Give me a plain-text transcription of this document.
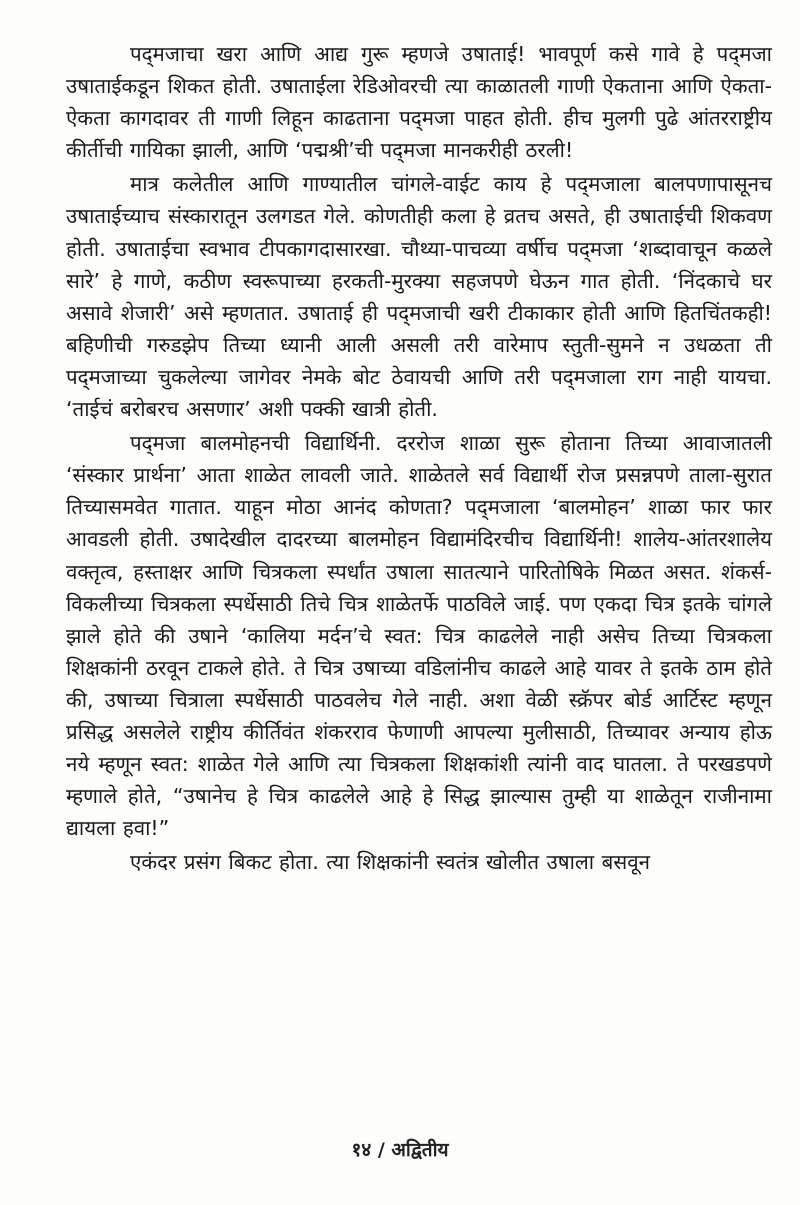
पद्‌मजाचा खरा आणि आद्य गुरू म्हणजे उषाताई! भावपूर्ण कसे गावे हे पद्‌मजा उषाताईकडून शिकत होती. उषाताईला रेडिओवरची त्या काळातली गाणी ऐकताना आणि ऐकता-ऐकता कागदावर ती गाणी लिहून काढताना पद्‌मजा पाहत होती. हीच मुलगी पुढे आंतरराष्ट्रीय कीर्तीची गायिका झाली, आणि ‘पद्मश्री’ची पद्‌मजा मानकरीही ठरली!

मात्र कलेतील आणि गाण्यातील चांगले-वाईट काय हे पद्‌मजाला बालपणापासूनच उषाताईच्याच संस्कारातून उलगडत गेले. कोणतीही कला हे व्रतच असते, ही उषाताईची शिकवण होती. उषाताईचा स्वभाव टीपकागदासारखा. चौथ्या-पाचव्या वर्षीच पद्‌मजा ‘शब्दावाचून कळले सारे’ हे गाणे, कठीण स्वरूपाच्या हरकती-मुरक्या सहजपणे घेऊन गात होती. ‘निंदकाचे घर असावे शेजारी’ असे म्हणतात. उषाताई ही पद्‌मजाची खरी टीकाकार होती आणि हितचिंतकही! बहिणीची गरुडझेप तिच्या ध्यानी आली असली तरी वारेमाप स्तुती-सुमने न उधळता ती पद्‌मजाच्या चुकलेल्या जागेवर नेमके बोट ठेवायची आणि तरी पद्‌मजाला राग नाही यायचा. ‘ताईचं बरोबरच असणार’ अशी पक्की खात्री होती.

पद्‌मजा बालमोहनची विद्यार्थिनी. दररोज शाळा सुरू होताना तिच्या आवाजातली ‘संस्कार प्रार्थना’ आता शाळेत लावली जाते. शाळेतले सर्व विद्यार्थी रोज प्रसन्नपणे ताला-सुरात तिच्यासमवेत गातात. याहून मोठा आनंद कोणता? पद्‌मजाला ‘बालमोहन’ शाळा फार फार आवडली होती. उषादेखील दादरच्या बालमोहन विद्यामंदिरचीच विद्यार्थिनी! शालेय-आंतरशालेय वक्तृत्व, हस्ताक्षर आणि चित्रकला स्पर्धांत उषाला सातत्याने पारितोषिके मिळत असत. शंकर्स-विकलीच्या चित्रकला स्पर्धेसाठी तिचे चित्र शाळेतर्फे पाठविले जाई. पण एकदा चित्र इतके चांगले झाले होते की उषाने ‘कालिया मर्दन’चे स्वत: चित्र काढलेले नाही असेच तिच्या चित्रकला शिक्षकांनी ठरवून टाकले होते. ते चित्र उषाच्या वडिलांनीच काढले आहे यावर ते इतके ठाम होते की, उषाच्या चित्राला स्पर्धेसाठी पाठवलेच गेले नाही. अशा वेळी स्क्रॅपर बोर्ड आर्टिस्ट म्हणून प्रसिद्ध असलेले राष्ट्रीय कीर्तिवंत शंकरराव फेणाणी आपल्या मुलीसाठी, तिच्यावर अन्याय होऊ नये म्हणून स्वत: शाळेत गेले आणि त्या चित्रकला शिक्षकांशी त्यांनी वाद घातला. ते परखडपणे म्हणाले होते, “उषानेच हे चित्र काढलेले आहे हे सिद्ध झाल्यास तुम्ही या शाळेतून राजीनामा द्यायला हवा!”

एकंदर प्रसंग बिकट होता. त्या शिक्षकांनी स्वतंत्र खोलीत उषाला बसवून

१४ / अद्वितीय
